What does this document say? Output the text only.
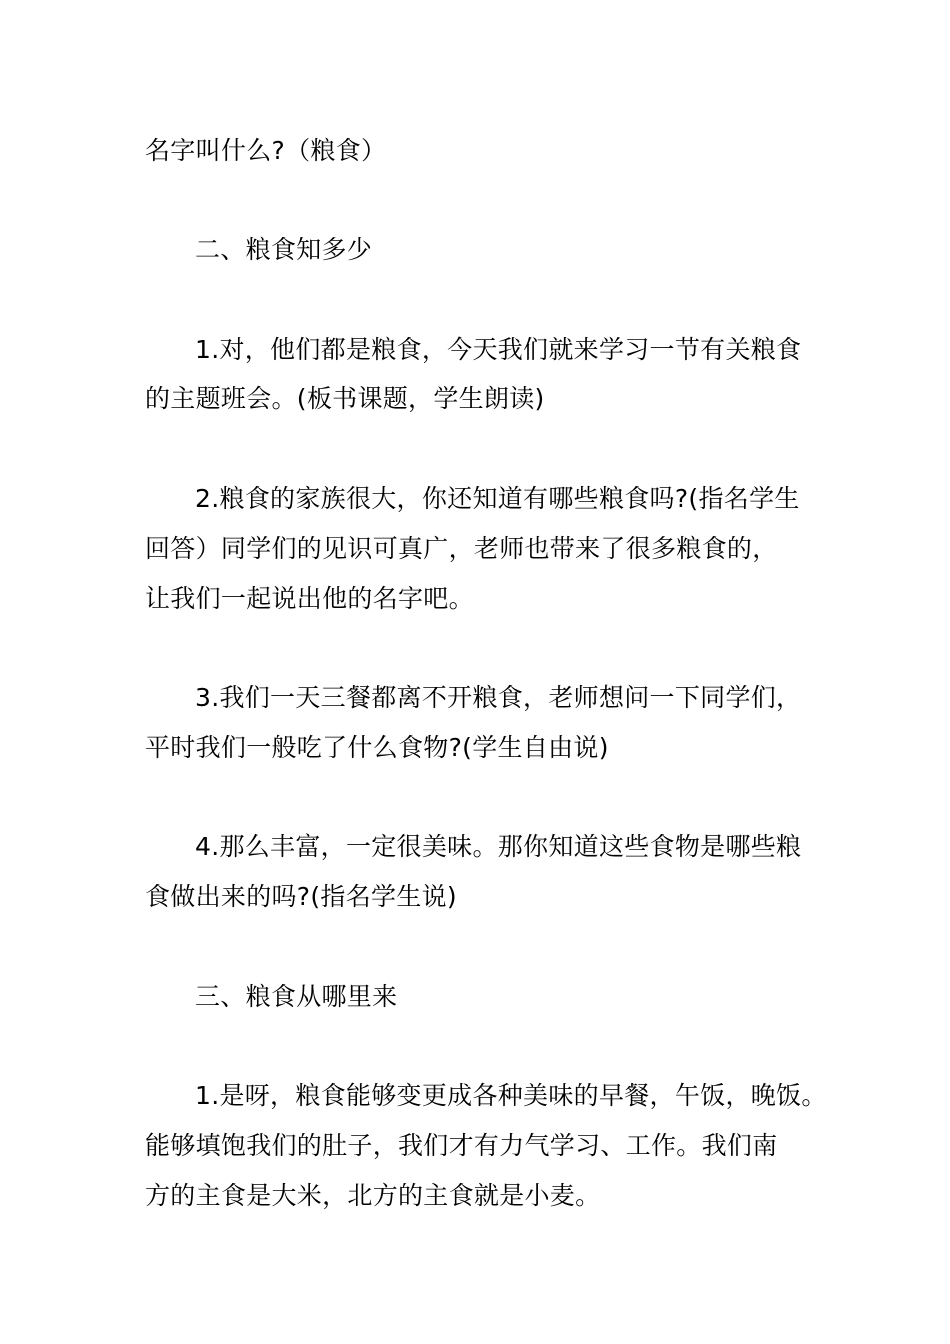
名字叫什么?（粮食）
二、粮食知多少
1.对，他们都是粮食，今天我们就来学习一节有关粮食
的主题班会。(板书课题，学生朗读)
2.粮食的家族很大，你还知道有哪些粮食吗?(指名学生
回答）同学们的见识可真广，老师也带来了很多粮食的，
让我们一起说出他的名字吧。
3.我们一天三餐都离不开粮食，老师想问一下同学们，
平时我们一般吃了什么食物?(学生自由说)
4.那么丰富，一定很美味。那你知道这些食物是哪些粮
食做出来的吗?(指名学生说)
三、粮食从哪里来
1.是呀，粮食能够变更成各种美味的早餐，午饭，晚饭。
能够填饱我们的肚子，我们才有力气学习、工作。我们南
方的主食是大米，北方的主食就是小麦。
